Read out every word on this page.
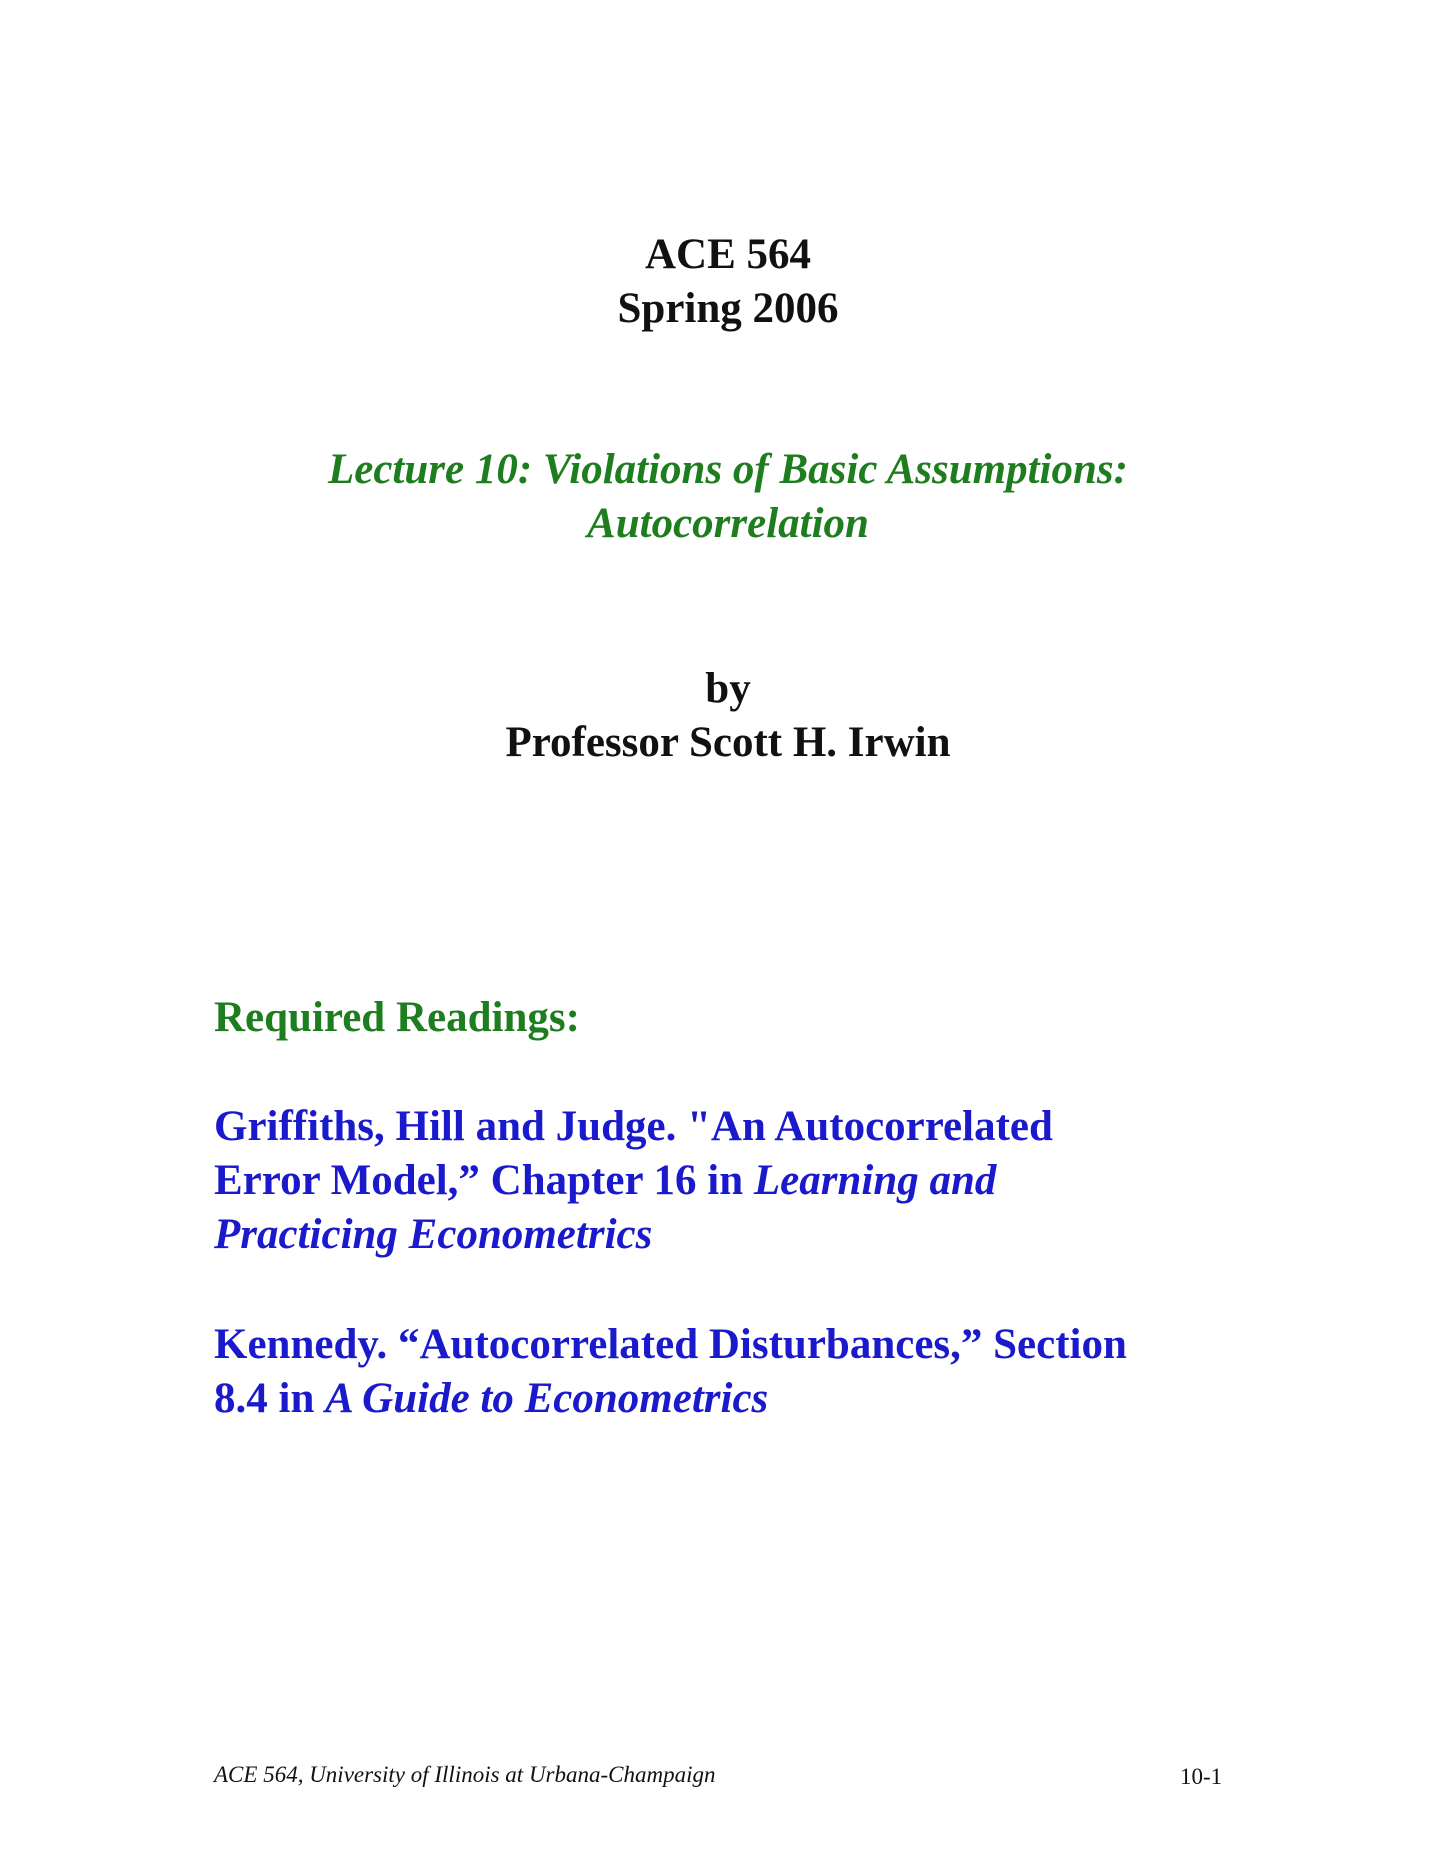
ACE 564
Spring 2006
Lecture 10: Violations of Basic Assumptions:
Autocorrelation
by
Professor Scott H. Irwin
Required Readings:
Griffiths, Hill and Judge. "An Autocorrelated
Error Model,” Chapter 16 in Learning and
Practicing Econometrics
Kennedy. “Autocorrelated Disturbances,” Section
8.4 in A Guide to Econometrics
ACE 564, University of Illinois at Urbana-Champaign	10-1
